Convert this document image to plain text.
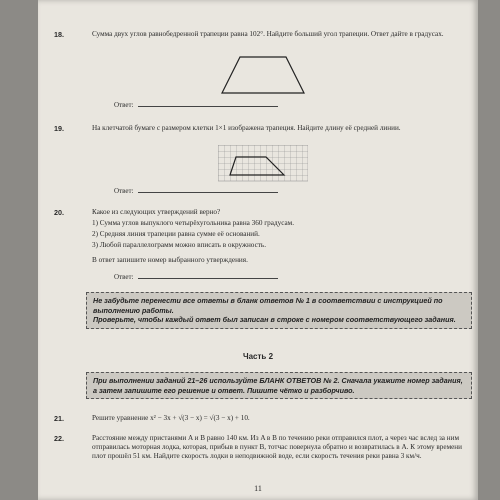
18.	Сумма двух углов равнобедренной трапеции равна 102°. Найдите больший угол трапеции. Ответ дайте в градусах.
Ответ:
19.	На клетчатой бумаге с размером клетки 1×1 изображена трапеция. Найдите длину её средней линии.
Ответ:
20.	Какое из следующих утверждений верно?
1) Сумма углов выпуклого четырёхугольника равна 360 градусам.
2) Средняя линия трапеции равна сумме её оснований.
3) Любой параллелограмм можно вписать в окружность.
В ответ запишите номер выбранного утверждения.
Ответ:
Не забудьте перенести все ответы в бланк ответов № 1 в соответствии с инструкцией по выполнению работы.
Проверьте, чтобы каждый ответ был записан в строке с номером соответствующего задания.
Часть 2
При выполнении заданий 21–26 используйте БЛАНК ОТВЕТОВ № 2. Сначала укажите номер задания, а затем запишите его решение и ответ. Пишите чётко и разборчиво.
21.	Решите уравнение x² − 3x + √(3 − x) = √(3 − x) + 10.
22.	Расстояние между пристанями A и B равно 140 км. Из A в B по течению реки отправился плот, а через час вслед за ним отправилась моторная лодка, которая, прибыв в пункт B, тотчас повернула обратно и возвратилась в A. К этому времени плот прошёл 51 км. Найдите скорость лодки в неподвижной воде, если скорость течения реки равна 3 км/ч.
11
